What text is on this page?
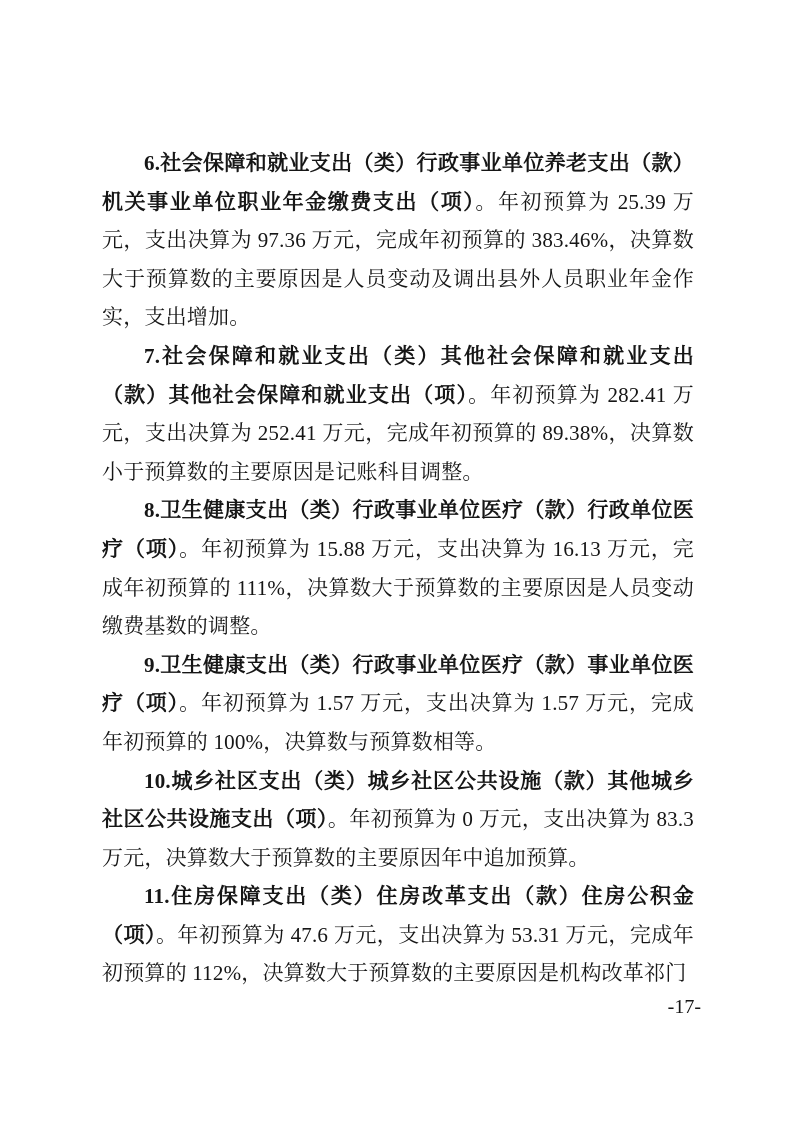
6.社会保障和就业支出（类）行政事业单位养老支出（款）机关事业单位职业年金缴费支出（项）。年初预算为 25.39 万元，支出决算为 97.36 万元，完成年初预算的 383.46%，决算数大于预算数的主要原因是人员变动及调出县外人员职业年金作实，支出增加。

7.社会保障和就业支出（类）其他社会保障和就业支出（款）其他社会保障和就业支出（项）。年初预算为 282.41 万元，支出决算为 252.41 万元，完成年初预算的 89.38%，决算数小于预算数的主要原因是记账科目调整。

8.卫生健康支出（类）行政事业单位医疗（款）行政单位医疗（项）。年初预算为 15.88 万元，支出决算为 16.13 万元，完成年初预算的 111%，决算数大于预算数的主要原因是人员变动缴费基数的调整。

9.卫生健康支出（类）行政事业单位医疗（款）事业单位医疗（项）。年初预算为 1.57 万元，支出决算为 1.57 万元，完成年初预算的 100%，决算数与预算数相等。

10.城乡社区支出（类）城乡社区公共设施（款）其他城乡社区公共设施支出（项）。年初预算为 0 万元，支出决算为 83.3 万元，决算数大于预算数的主要原因年中追加预算。

11.住房保障支出（类）住房改革支出（款）住房公积金（项）。年初预算为 47.6 万元，支出决算为 53.31 万元，完成年初预算的 112%，决算数大于预算数的主要原因是机构改革祁门

-17-
